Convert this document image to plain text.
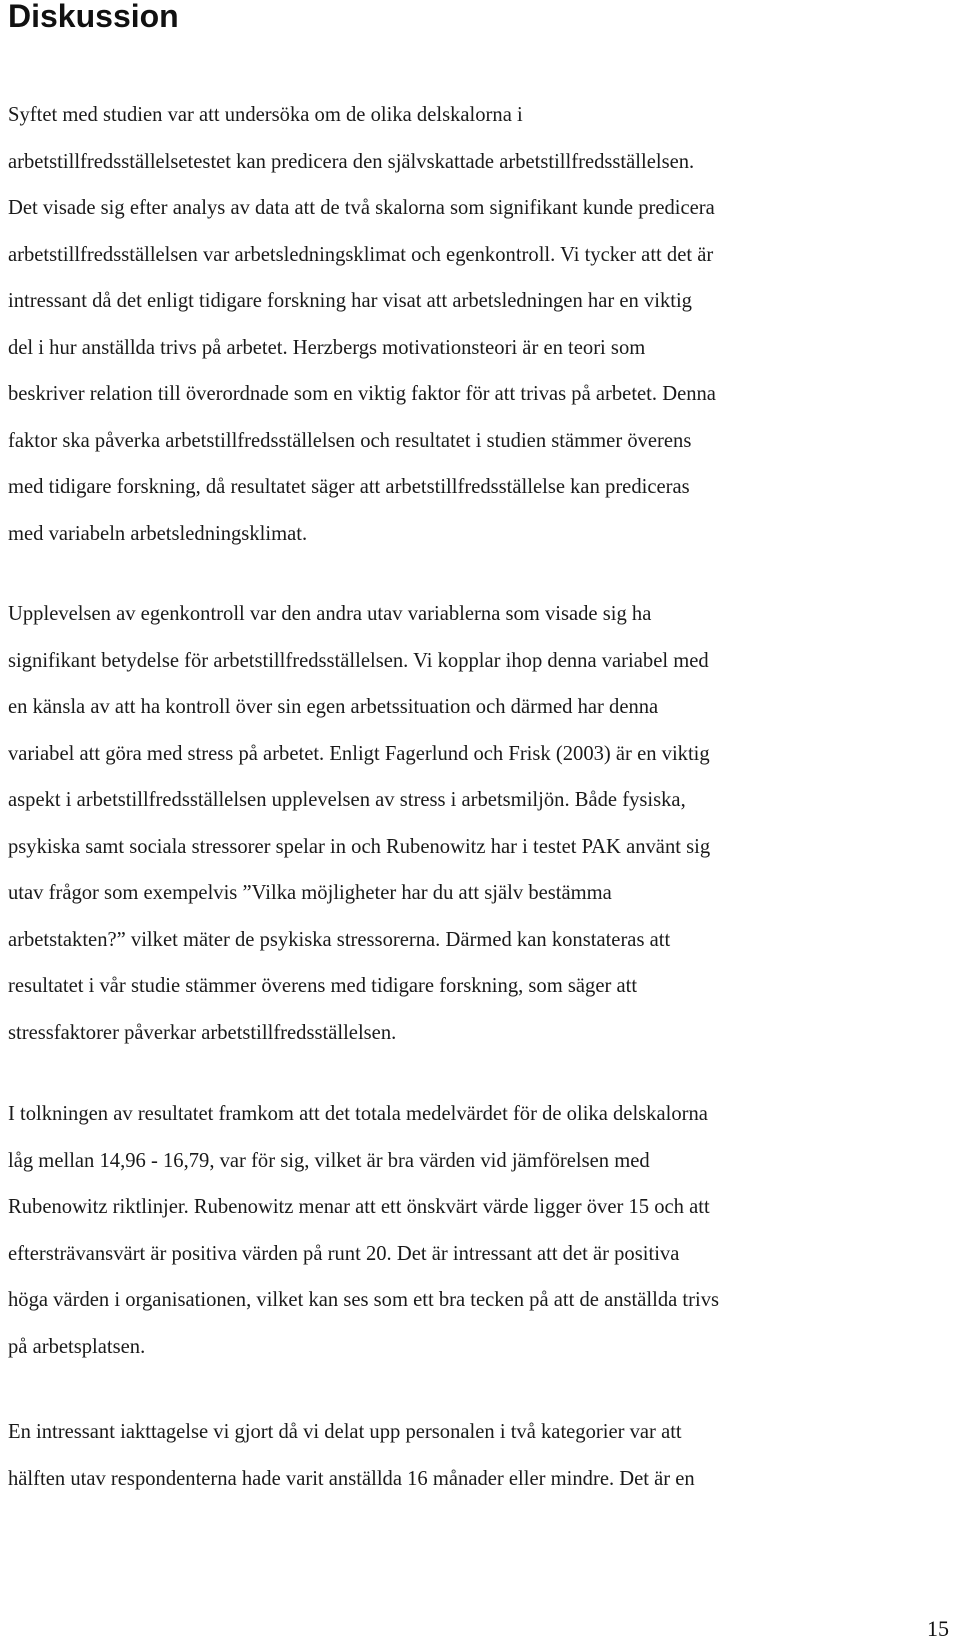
Diskussion
Syftet med studien var att undersöka om de olika delskalorna i
arbetstillfredsställelsetestet kan predicera den självskattade arbetstillfredsställelsen.
Det visade sig efter analys av data att de två skalorna som signifikant kunde predicera
arbetstillfredsställelsen var arbetsledningsklimat och egenkontroll. Vi tycker att det är
intressant då det enligt tidigare forskning har visat att arbetsledningen har en viktig
del i hur anställda trivs på arbetet. Herzbergs motivationsteori är en teori som
beskriver relation till överordnade som en viktig faktor för att trivas på arbetet. Denna
faktor ska påverka arbetstillfredsställelsen och resultatet i studien stämmer överens
med tidigare forskning, då resultatet säger att arbetstillfredsställelse kan prediceras
med variabeln arbetsledningsklimat.
Upplevelsen av egenkontroll var den andra utav variablerna som visade sig ha
signifikant betydelse för arbetstillfredsställelsen. Vi kopplar ihop denna variabel med
en känsla av att ha kontroll över sin egen arbetssituation och därmed har denna
variabel att göra med stress på arbetet. Enligt Fagerlund och Frisk (2003) är en viktig
aspekt i arbetstillfredsställelsen upplevelsen av stress i arbetsmiljön. Både fysiska,
psykiska samt sociala stressorer spelar in och Rubenowitz har i testet PAK använt sig
utav frågor som exempelvis ”Vilka möjligheter har du att själv bestämma
arbetstakten?” vilket mäter de psykiska stressorerna. Därmed kan konstateras att
resultatet i vår studie stämmer överens med tidigare forskning, som säger att
stressfaktorer påverkar arbetstillfredsställelsen.
I tolkningen av resultatet framkom att det totala medelvärdet för de olika delskalorna
låg mellan 14,96 - 16,79, var för sig, vilket är bra värden vid jämförelsen med
Rubenowitz riktlinjer. Rubenowitz menar att ett önskvärt värde ligger över 15 och att
eftersträvansvärt är positiva värden på runt 20. Det är intressant att det är positiva
höga värden i organisationen, vilket kan ses som ett bra tecken på att de anställda trivs
på arbetsplatsen.
En intressant iakttagelse vi gjort då vi delat upp personalen i två kategorier var att
hälften utav respondenterna hade varit anställda 16 månader eller mindre. Det är en
15
